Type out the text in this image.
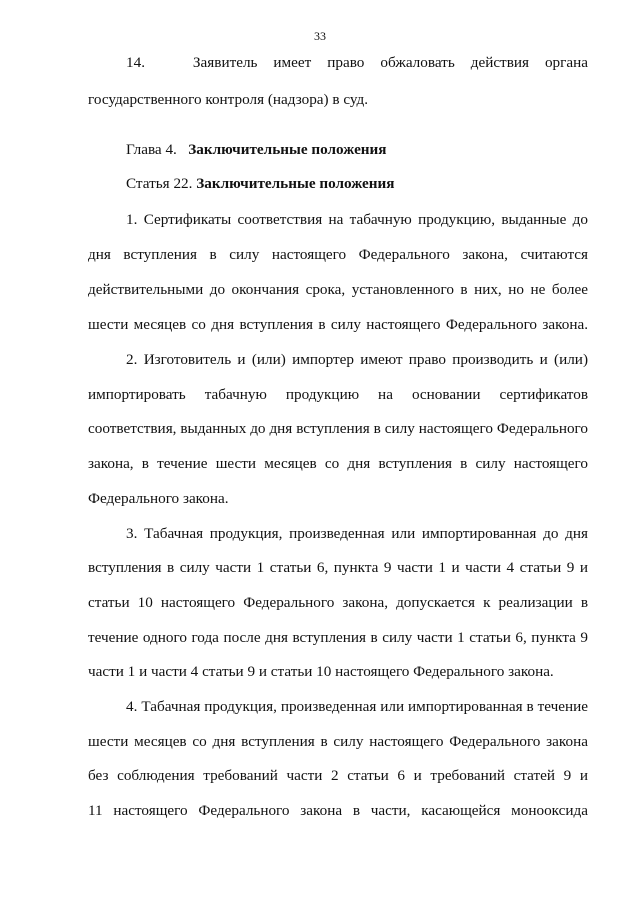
33

14.   Заявитель имеет право обжаловать действия органа

государственного контроля (надзора) в суд.

Глава 4.   Заключительные положения

Статья 22. Заключительные положения

1. Сертификаты соответствия на табачную продукцию, выданные до

дня вступления в силу настоящего Федерального закона, считаются

действительными до окончания срока, установленного в них, но не более

шести месяцев со дня вступления в силу настоящего Федерального закона.

2. Изготовитель и (или) импортер имеют право производить и (или)

импортировать табачную продукцию на основании сертификатов

соответствия, выданных до дня вступления в силу настоящего Федерального

закона, в течение шести месяцев со дня вступления в силу настоящего

Федерального закона.

3. Табачная продукция, произведенная или импортированная до дня

вступления в силу части 1 статьи 6, пункта 9 части 1 и части 4 статьи 9 и

статьи 10 настоящего Федерального закона, допускается к реализации в

течение одного года после дня вступления в силу части 1 статьи 6, пункта 9

части 1 и части 4 статьи 9 и статьи 10 настоящего Федерального закона.

4. Табачная продукция, произведенная или импортированная в течение

шести месяцев со дня вступления в силу настоящего Федерального закона

без соблюдения требований части 2 статьи 6 и требований статей 9 и

11 настоящего Федерального закона в части, касающейся монооксида
